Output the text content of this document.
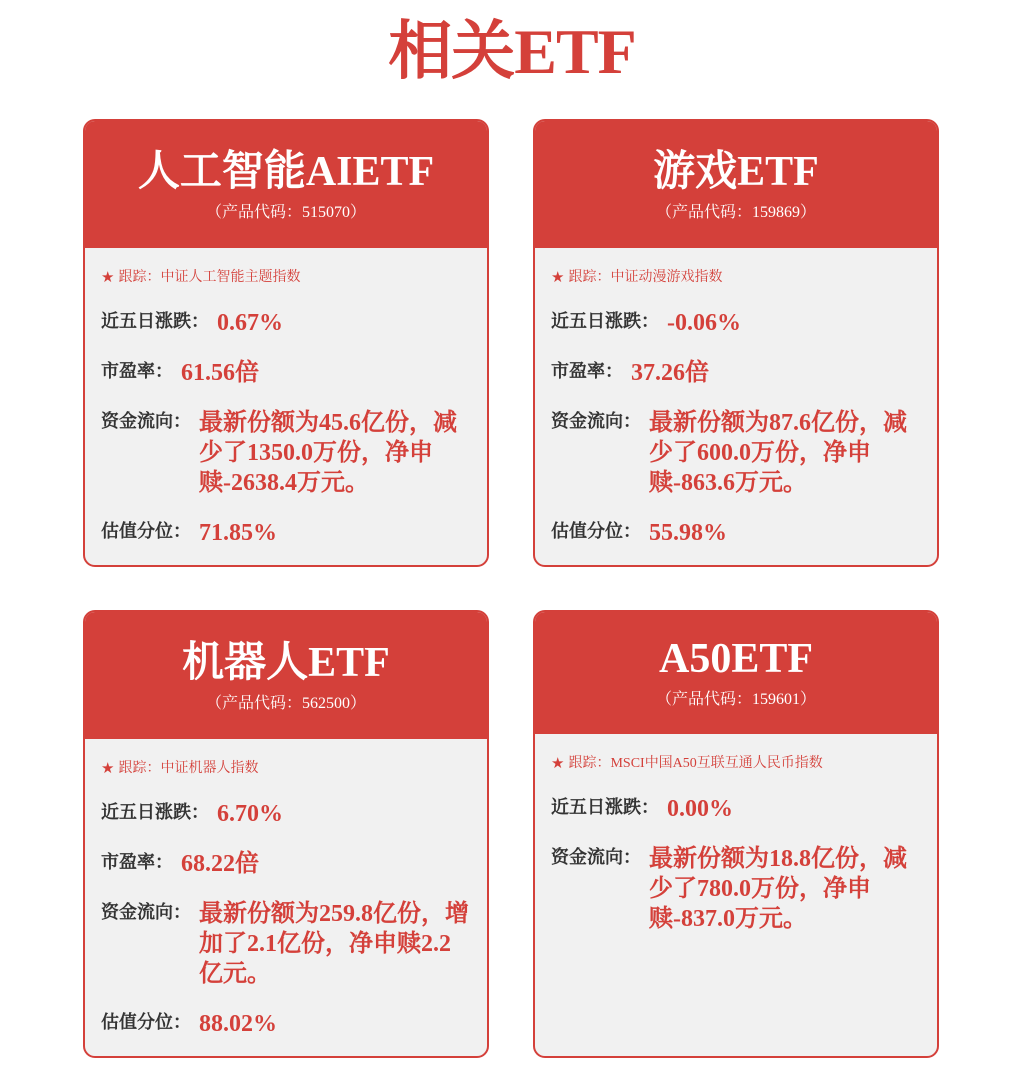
相关ETF
人工智能AIETF
（产品代码：515070）
★ 跟踪： 中证人工智能主题指数
近五日涨跌： 0.67%
市盈率： 61.56倍
资金流向： 最新份额为45.6亿份，减少了1350.0万份，净申赎-2638.4万元。
估值分位： 71.85%
游戏ETF
（产品代码：159869）
★ 跟踪： 中证动漫游戏指数
近五日涨跌： -0.06%
市盈率： 37.26倍
资金流向： 最新份额为87.6亿份，减少了600.0万份，净申赎-863.6万元。
估值分位： 55.98%
机器人ETF
（产品代码：562500）
★ 跟踪： 中证机器人指数
近五日涨跌： 6.70%
市盈率： 68.22倍
资金流向： 最新份额为259.8亿份，增加了2.1亿份，净申赎2.2亿元。
估值分位： 88.02%
A50ETF
（产品代码：159601）
★ 跟踪： MSCI中国A50互联互通人民币指数
近五日涨跌： 0.00%
资金流向： 最新份额为18.8亿份，减少了780.0万份，净申赎-837.0万元。
